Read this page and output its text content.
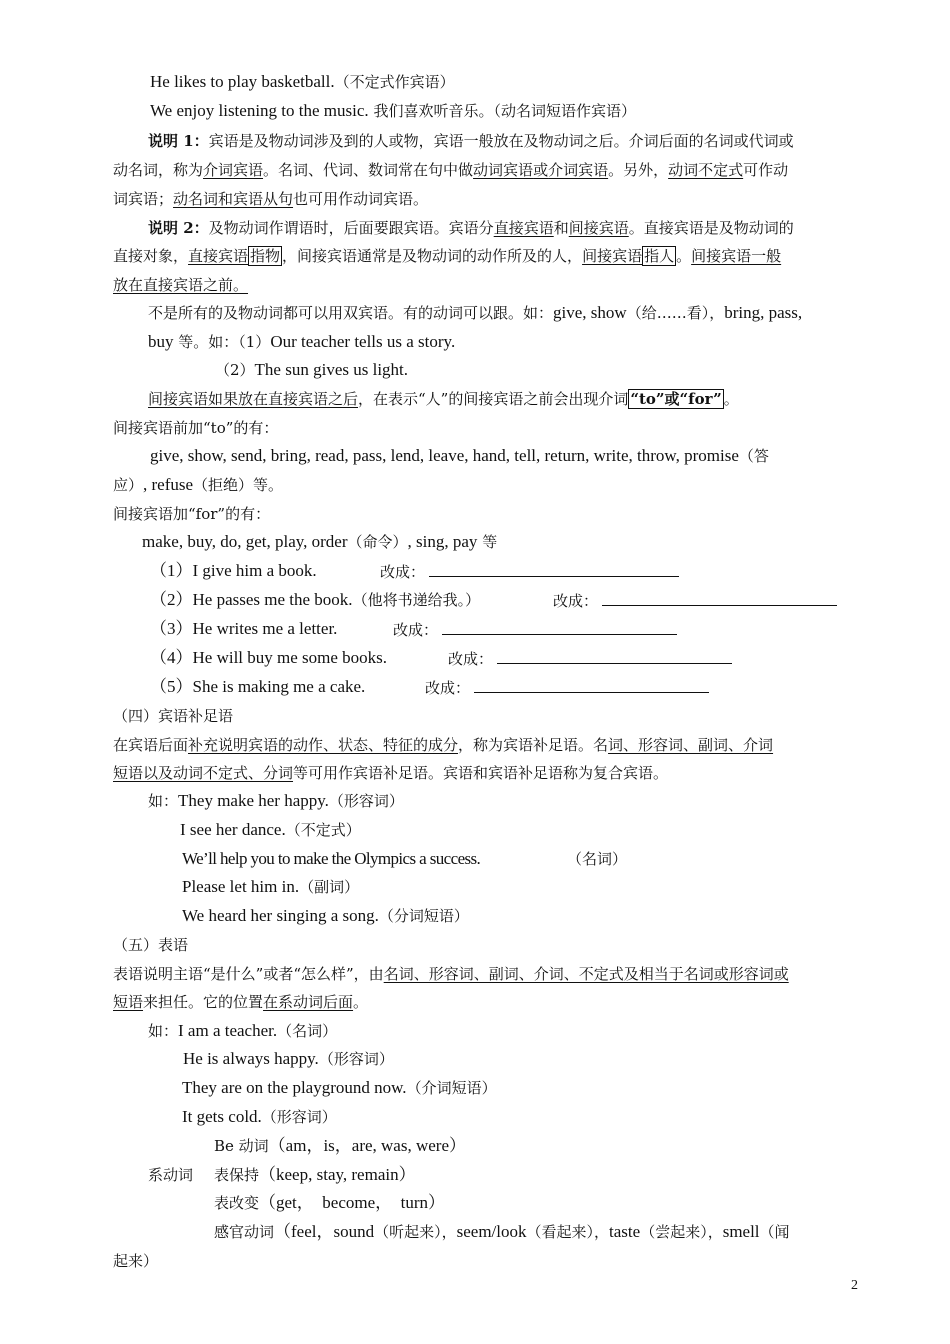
He likes to play basketball.（不定式作宾语）
We enjoy listening to the music. 我们喜欢听音乐。（动名词短语作宾语）
说明 1：宾语是及物动词涉及到的人或物，宾语一般放在及物动词之后。介词后面的名词或代词或
动名词，称为介词宾语。名词、代词、数词常在句中做动词宾语或介词宾语。另外，动词不定式可作动
词宾语；动名词和宾语从句也可用作动词宾语。
说明 2：及物动词作谓语时，后面要跟宾语。宾语分直接宾语和间接宾语。直接宾语是及物动词的
直接对象，直接宾语 指物 ，间接宾语通常是及物动词的动作所及的人，间接宾语 指人 。间接宾语一般
放在直接宾语之前。
不是所有的及物动词都可以用双宾语。有的动词可以跟。如：give, show（给……看），bring, pass,
buy 等。如：（1）Our teacher tells us a story.
（2）The sun gives us light.
间接宾语如果放在直接宾语之后，在表示“人”的间接宾语之前会出现介词 “to”或“for” 。
间接宾语前加“to”的有：
give, show, send, bring, read, pass, lend, leave, hand, tell, return, write, throw, promise（答
应）, refuse（拒绝）等。
间接宾语加“for”的有：
make, buy, do, get, play, order（命令）, sing, pay 等
（1）I give him a book.	改成：
（2）He passes me the book.（他将书递给我。）	改成：
（3）He writes me a letter.	改成：
（4）He will buy me some books.	改成：
（5）She is making me a cake.	改成：
（四）宾语补足语
在宾语后面补充说明宾语的动作、状态、特征的成分，称为宾语补足语。名词、形容词、副词、介词
短语以及动词不定式、分词等可用作宾语补足语。宾语和宾语补足语称为复合宾语。
如：They make her happy.（形容词）
I see her dance.（不定式）
We’ll help you to make the Olympics a success.	（名词）
Please let him in.（副词）
We heard her singing a song.（分词短语）
（五）表语
表语说明主语“是什么”或者“怎么样”，由名词、形容词、副词、介词、不定式及相当于名词或形容词或
短语来担任。它的位置在系动词后面。
如：I am a teacher.（名词）
He is always happy.（形容词）
They are on the playground now.（介词短语）
It gets cold.（形容词）
Be 动词（am，is，are, was, were）
系动词 表保持（keep, stay, remain）
表改变（get，  become，  turn）
感官动词（feel，sound（听起来），seem/look（看起来），taste（尝起来），smell（闻
起来）
2
